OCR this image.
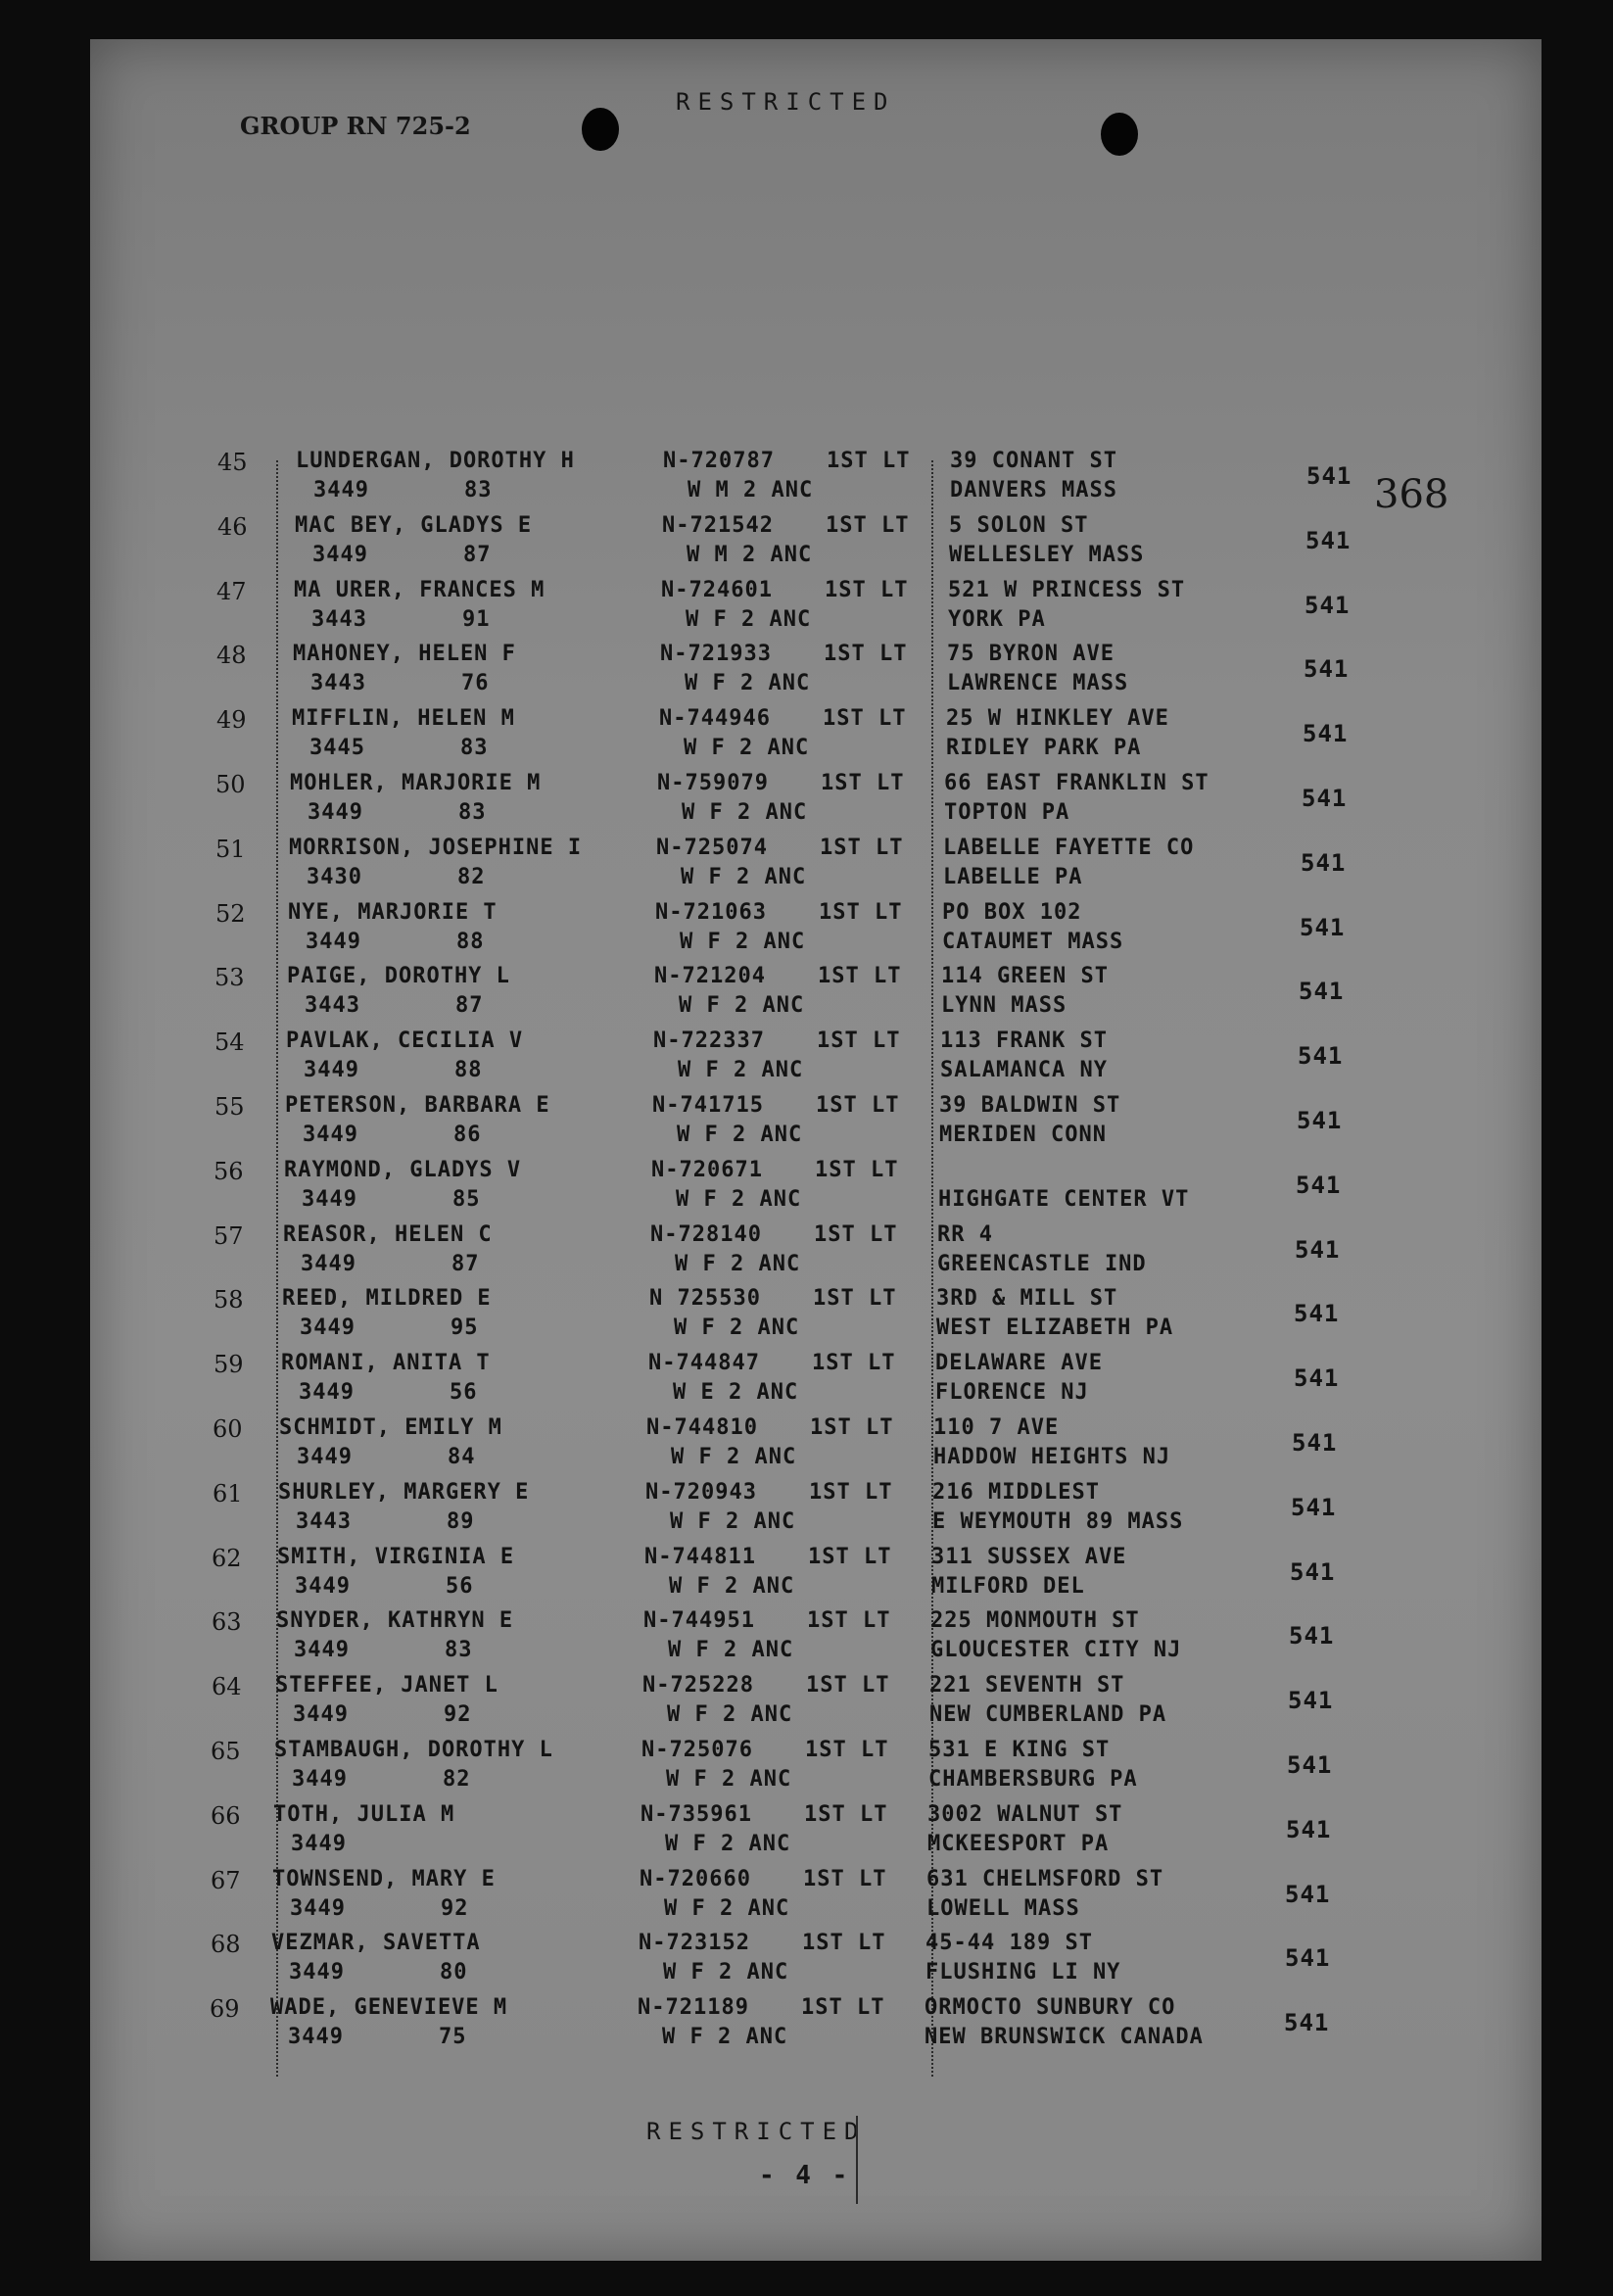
GROUP RN 725-2
RESTRICTED
368
45 LUNDERGAN, DOROTHY H
3449	83
N-720787 1ST LT
W M 2 ANC
39 CONANT ST
DANVERS MASS
541
46 MAC BEY, GLADYS E
3449	87
N-721542 1ST LT
W M 2 ANC
5 SOLON ST
WELLESLEY MASS
541
47 MA URER, FRANCES M
3443	91
N-724601 1ST LT
W F 2 ANC
521 W PRINCESS ST
YORK PA
541
48 MAHONEY, HELEN F
3443	76
N-721933 1ST LT
W F 2 ANC
75 BYRON AVE
LAWRENCE MASS
541
49 MIFFLIN, HELEN M
3445	83
N-744946 1ST LT
W F 2 ANC
25 W HINKLEY AVE
RIDLEY PARK PA
541
50 MOHLER, MARJORIE M
3449	83
N-759079 1ST LT
W F 2 ANC
66 EAST FRANKLIN ST
TOPTON PA
541
51 MORRISON, JOSEPHINE I
3430	82
N-725074 1ST LT
W F 2 ANC
LABELLE FAYETTE CO
LABELLE PA
541
52 NYE, MARJORIE T
3449	88
N-721063 1ST LT
W F 2 ANC
PO BOX 102
CATAUMET MASS
541
53 PAIGE, DOROTHY L
3443	87
N-721204 1ST LT
W F 2 ANC
114 GREEN ST
LYNN MASS
541
54 PAVLAK, CECILIA V
3449	88
N-722337 1ST LT
W F 2 ANC
113 FRANK ST
SALAMANCA NY
541
55 PETERSON, BARBARA E
3449	86
N-741715 1ST LT
W F 2 ANC
39 BALDWIN ST
MERIDEN CONN
541
56 RAYMOND, GLADYS V
3449	85
N-720671 1ST LT
W F 2 ANC	HIGHGATE CENTER VT
541
57 REASOR, HELEN C
3449	87
N-728140 1ST LT
W F 2 ANC
RR 4
GREENCASTLE IND
541
58 REED, MILDRED E
3449	95
N 725530 1ST LT
W F 2 ANC
3RD & MILL ST
WEST ELIZABETH PA
541
59 ROMANI, ANITA T
3449	56
N-744847 1ST LT
W E 2 ANC
DELAWARE AVE
FLORENCE NJ
541
60 SCHMIDT, EMILY M
3449	84
N-744810 1ST LT
W F 2 ANC
110 7 AVE
HADDOW HEIGHTS NJ
541
61 SHURLEY, MARGERY E
3443	89
N-720943 1ST LT
W F 2 ANC
216 MIDDLEST
E WEYMOUTH 89 MASS
541
62 SMITH, VIRGINIA E
3449	56
N-744811 1ST LT
W F 2 ANC
311 SUSSEX AVE
MILFORD DEL
541
63 SNYDER, KATHRYN E
3449	83
N-744951 1ST LT
W F 2 ANC
225 MONMOUTH ST
GLOUCESTER CITY NJ
541
64 STEFFEE, JANET L
3449	92
N-725228 1ST LT
W F 2 ANC
221 SEVENTH ST
NEW CUMBERLAND PA
541
65 STAMBAUGH, DOROTHY L
3449	82
N-725076 1ST LT
W F 2 ANC
531 E KING ST
CHAMBERSBURG PA
541
66 TOTH, JULIA M
3449
N-735961 1ST LT
W F 2 ANC
3002 WALNUT ST
MCKEESPORT PA
541
67 TOWNSEND, MARY E
3449	92
N-720660 1ST LT
W F 2 ANC
631 CHELMSFORD ST
LOWELL MASS
541
68 VEZMAR, SAVETTA
3449	80
N-723152 1ST LT
W F 2 ANC
45-44 189 ST
FLUSHING LI NY
541
69 WADE, GENEVIEVE M
3449	75
N-721189 1ST LT
W F 2 ANC
ORMOCTO SUNBURY CO
NEW BRUNSWICK CANADA
541
RESTRICTED
- 4 -
